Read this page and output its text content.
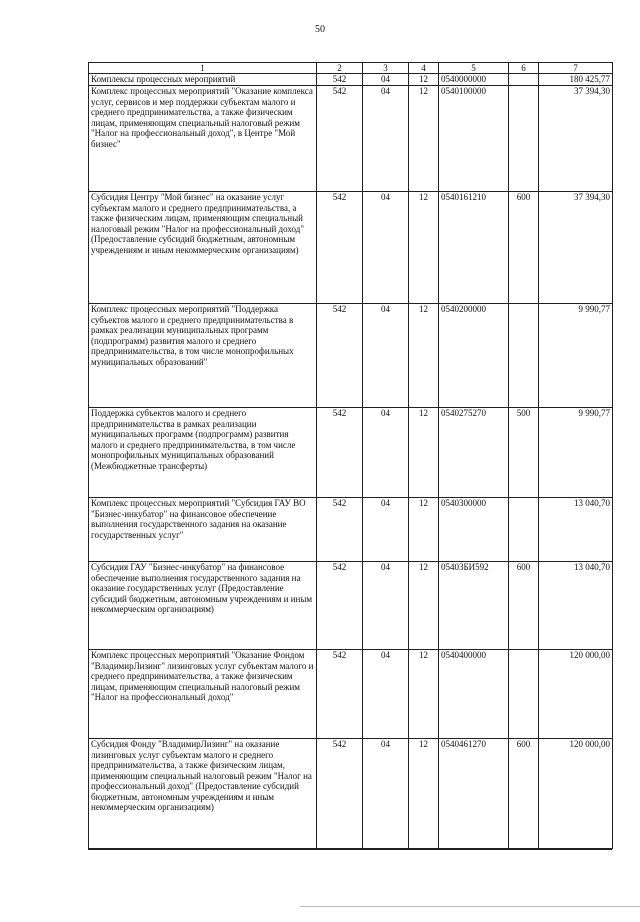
50
1	2	3	4	5	6	7
Комплексы процессных мероприятий	542	04	12	0540000000		180 425,77
Комплекс процессных мероприятий "Оказание комплекса услуг, сервисов и мер поддержки субъектам малого и среднего предпринимательства, а также физическим лицам, применяющим специальный налоговый режим "Налог на профессиональный доход", в Центре "Мой бизнес"	542	04	12	0540100000		37 394,30
Субсидия Центру "Мой бизнес" на оказание услуг субъектам малого и среднего предпринимательства, а также физическим лицам, применяющим специальный налоговый режим "Налог на профессиональный доход" (Предоставление субсидий бюджетным, автономным учреждениям и иным некоммерческим организациям)	542	04	12	0540161210	600	37 394,30
Комплекс процессных мероприятий "Поддержка субъектов малого и среднего предпринимательства в рамках реализации муниципальных программ (подпрограмм) развития малого и среднего предпринимательства, в том числе монопрофильных муниципальных образований"	542	04	12	0540200000		9 990,77
Поддержка субъектов малого и среднего предпринимательства в рамках реализации муниципальных программ (подпрограмм) развития малого и среднего предпринимательства, в том числе монопрофильных муниципальных образований (Межбюджетные трансферты)	542	04	12	0540275270	500	9 990,77
Комплекс процессных мероприятий "Субсидия ГАУ ВО "Бизнес-инкубатор" на финансовое обеспечение выполнения государственного задания на оказание государственных услуг"	542	04	12	0540300000		13 040,70
Субсидия ГАУ "Бизнес-инкубатор" на финансовое обеспечение выполнения государственного задания на оказание государственных услуг (Предоставление субсидий бюджетным, автономным учреждениям и иным некоммерческим организациям)	542	04	12	05403БИ592	600	13 040,70
Комплекс процессных мероприятий "Оказание Фондом "ВладимирЛизинг" лизинговых услуг субъектам малого и среднего предпринимательства, а также физическим лицам, применяющим специальный налоговый режим "Налог на профессиональный доход"	542	04	12	0540400000		120 000,00
Субсидия Фонду "ВладимирЛизинг" на оказание лизинговых услуг субъектам малого и среднего предпринимательства, а также физическим лицам, применяющим специальный налоговый режим "Налог на профессиональный доход" (Предоставление субсидий бюджетным, автономным учреждениям и иным некоммерческим организациям)	542	04	12	0540461270	600	120 000,00
